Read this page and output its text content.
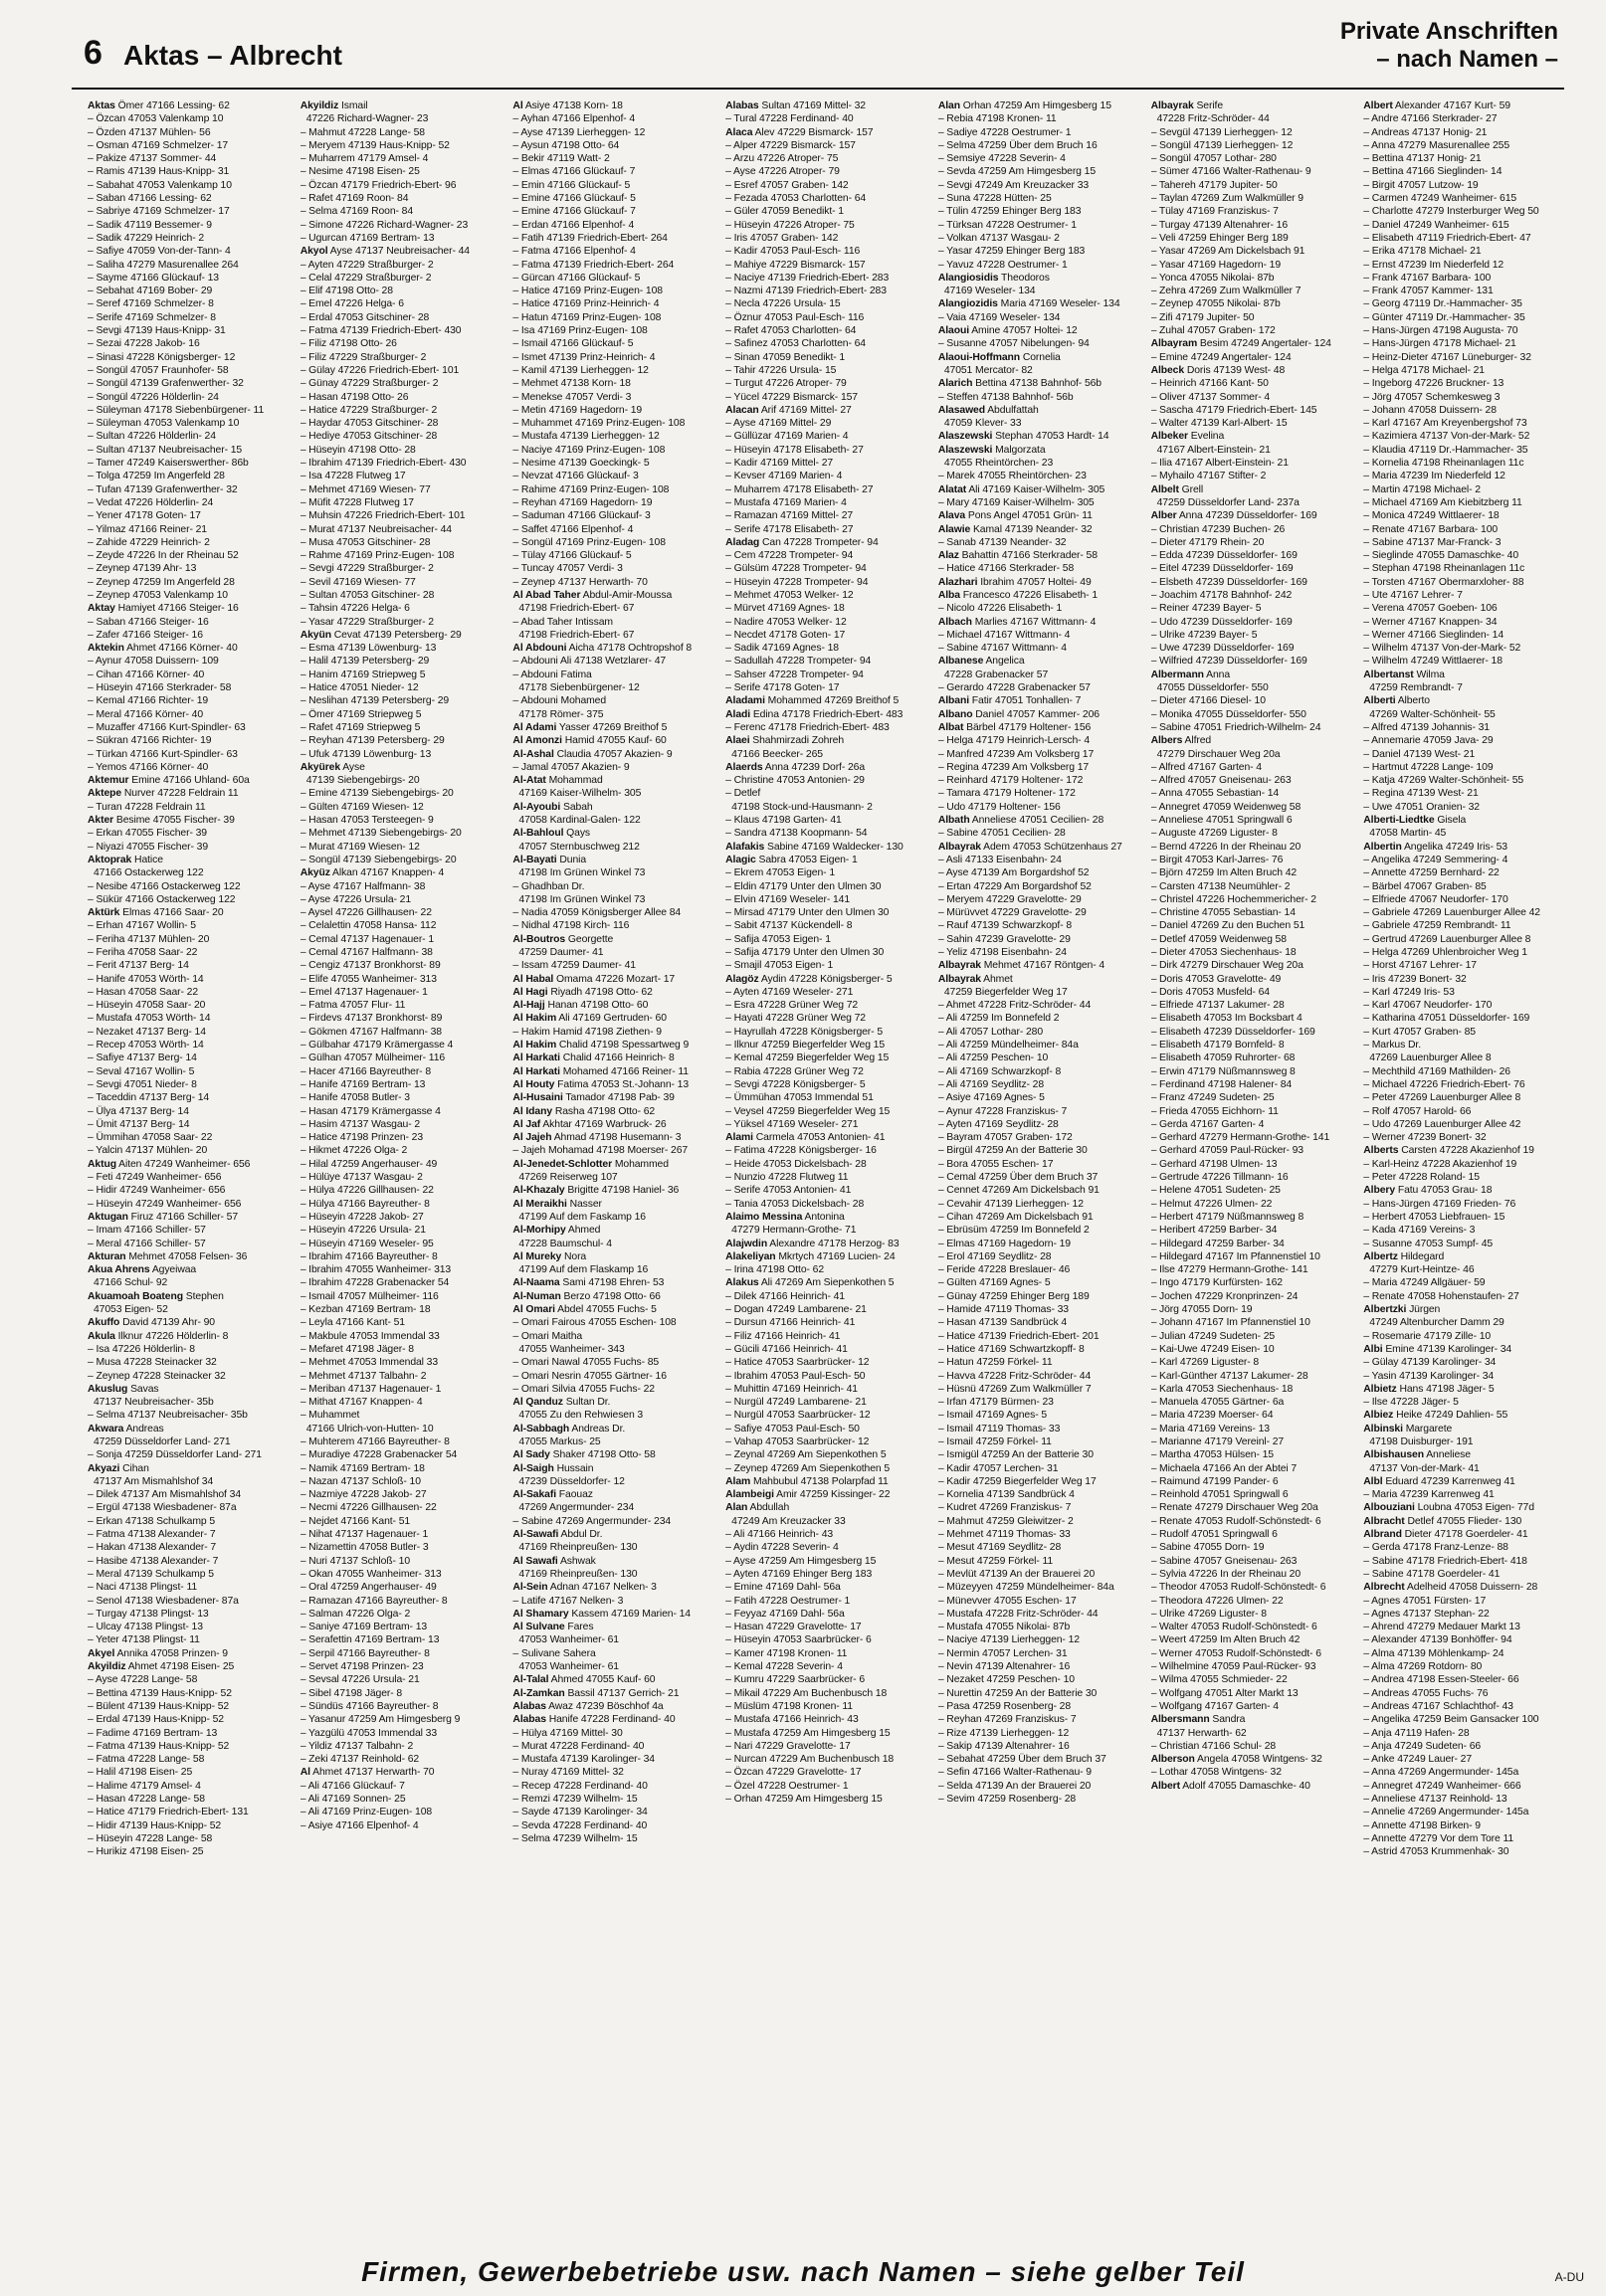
6 Aktas – Albrecht
Private Anschriften
– nach Namen –
Aktas Ömer 47166 Lessing- 62
– Özcan 47053 Valenkamp 10
– Özden 47137 Mühlen- 56
– Osman 47169 Schmelzer- 17
– Pakize 47137 Sommer- 44
– Ramis 47139 Haus-Knipp- 31
– Sabahat 47053 Valenkamp 10
– Saban 47166 Lessing- 62
– Sabriye 47169 Schmelzer- 17
– Sadik 47119 Bessemer- 9
– Sadik 47229 Heinrich- 2
– Safiye 47059 Von-der-Tann- 4
– Saliha 47279 Masurenallee 264
– Sayme 47166 Glückauf- 13
– Sebahat 47169 Bober- 29
– Seref 47169 Schmelzer- 8
– Serife 47169 Schmelzer- 8
– Sevgi 47139 Haus-Knipp- 31
– Sezai 47228 Jakob- 16
– Sinasi 47228 Königsberger- 12
– Songül 47057 Fraunhofer- 58
– Songül 47139 Grafenwerther- 32
– Songül 47226 Hölderlin- 24
– Süleyman 47178 Siebenbürgener- 11
– Süleyman 47053 Valenkamp 10
– Sultan 47226 Hölderlin- 24
– Sultan 47137 Neubreisacher- 15
– Tamer 47249 Kaiserswerther- 86b
– Tolga 47259 Im Angerfeld 28
– Tufan 47139 Grafenwerther- 32
– Vedat 47226 Hölderlin- 24
– Yener 47178 Goten- 17
– Yilmaz 47166 Reiner- 21
– Zahide 47229 Heinrich- 2
– Zeyde 47226 In der Rheinau 52
– Zeynep 47139 Ahr- 13
– Zeynep 47259 Im Angerfeld 28
– Zeynep 47053 Valenkamp 10
Aktay Hamiyet 47166 Steiger- 16
– Saban 47166 Steiger- 16
– Zafer 47166 Steiger- 16
Aktekin Ahmet 47166 Körner- 40
– Aynur 47058 Duissern- 109
– Cihan 47166 Körner- 40
– Hüseyin 47166 Sterkrader- 58
– Kemal 47166 Richter- 19
– Meral 47166 Körner- 40
– Muzaffer 47166 Kurt-Spindler- 63
– Sükran 47166 Richter- 19
– Türkan 47166 Kurt-Spindler- 63
– Yemos 47166 Körner- 40
Aktemur Emine 47166 Uhland- 60a
Aktepe Nurver 47228 Feldrain 11
– Turan 47228 Feldrain 11
Akter Besime 47055 Fischer- 39
– Erkan 47055 Fischer- 39
– Niyazi 47055 Fischer- 39
Aktoprak Hatice
47166 Ostackerweg 122
– Nesibe 47166 Ostackerweg 122
– Sükür 47166 Ostackerweg 122
Aktürk Elmas 47166 Saar- 20
– Erhan 47167 Wollin- 5
– Feriha 47137 Mühlen- 20
– Feriha 47058 Saar- 22
– Ferit 47137 Berg- 14
– Hanife 47053 Wörth- 14
– Hasan 47058 Saar- 22
– Hüseyin 47058 Saar- 20
– Mustafa 47053 Wörth- 14
– Nezaket 47137 Berg- 14
– Recep 47053 Wörth- 14
– Safiye 47137 Berg- 14
– Seval 47167 Wollin- 5
– Sevgi 47051 Nieder- 8
– Taceddin 47137 Berg- 14
– Ülya 47137 Berg- 14
– Ümit 47137 Berg- 14
– Ümmihan 47058 Saar- 22
– Yalcin 47137 Mühlen- 20
Aktug Aiten 47249 Wanheimer- 656
– Feti 47249 Wanheimer- 656
– Hidir 47249 Wanheimer- 656
– Hüseyin 47249 Wanheimer- 656
Aktugan Firuz 47166 Schiller- 57
– Imam 47166 Schiller- 57
– Meral 47166 Schiller- 57
Akturan Mehmet 47058 Felsen- 36
Akua Ahrens Agyeiwaa
47166 Schul- 92
Akuamoah Boateng Stephen
47053 Eigen- 52
Akuffo David 47139 Ahr- 90
Akula Ilknur 47226 Hölderlin- 8
– Isa 47226 Hölderlin- 8
– Musa 47228 Steinacker 32
– Zeynep 47228 Steinacker 32
Akuslug Savas
47137 Neubreisacher- 35b
– Selma 47137 Neubreisacher- 35b
Akwara Andreas
47259 Düsseldorfer Land- 271
– Sonja 47259 Düsseldorfer Land- 271
Akyazi Cihan
47137 Am Mismahlshof 34
– Dilek 47137 Am Mismahlshof 34
– Ergül 47138 Wiesbadener- 87a
– Erkan 47138 Schulkamp 5
– Fatma 47138 Alexander- 7
– Hakan 47138 Alexander- 7
– Hasibe 47138 Alexander- 7
– Meral 47139 Schulkamp 5
– Naci 47138 Plingst- 11
– Senol 47138 Wiesbadener- 87a
– Turgay 47138 Plingst- 13
– Ulcay 47138 Plingst- 13
– Yeter 47138 Plingst- 11
Akyel Annika 47058 Prinzen- 9
Akyildiz Ahmet 47198 Eisen- 25
– Ayse 47228 Lange- 58
– Bettina 47139 Haus-Knipp- 52
– Bülent 47139 Haus-Knipp- 52
– Erdal 47139 Haus-Knipp- 52
– Fadime 47169 Bertram- 13
– Fatma 47139 Haus-Knipp- 52
– Fatma 47228 Lange- 58
– Halil 47198 Eisen- 25
– Halime 47179 Amsel- 4
– Hasan 47228 Lange- 58
– Hatice 47179 Friedrich-Ebert- 131
– Hidir 47139 Haus-Knipp- 52
– Hüseyin 47228 Lange- 58
– Hurikiz 47198 Eisen- 25
Akyildiz Ismail
47226 Richard-Wagner- 23
– Mahmut 47228 Lange- 58
– Meryem 47139 Haus-Knipp- 52
– Muharrem 47179 Amsel- 4
– Nesime 47198 Eisen- 25
– Özcan 47179 Friedrich-Ebert- 96
– Rafet 47169 Roon- 84
– Selma 47169 Roon- 84
– Simone 47226 Richard-Wagner- 23
– Ugurcan 47169 Bertram- 13
Akyol Ayse 47137 Neubreisacher- 44
– Ayten 47229 Straßburger- 2
– Celal 47229 Straßburger- 2
– Elif 47198 Otto- 28
– Emel 47226 Helga- 6
– Erdal 47053 Gitschiner- 28
– Fatma 47139 Friedrich-Ebert- 430
– Filiz 47198 Otto- 26
– Filiz 47229 Straßburger- 2
– Gülay 47226 Friedrich-Ebert- 101
– Günay 47229 Straßburger- 2
– Hasan 47198 Otto- 26
– Hatice 47229 Straßburger- 2
– Haydar 47053 Gitschiner- 28
– Hediye 47053 Gitschiner- 28
– Hüseyin 47198 Otto- 28
– Ibrahim 47139 Friedrich-Ebert- 430
– Isa 47228 Flutweg 17
– Mehmet 47169 Wiesen- 77
– Müfit 47228 Flutweg 17
– Muhsin 47226 Friedrich-Ebert- 101
– Murat 47137 Neubreisacher- 44
– Musa 47053 Gitschiner- 28
– Rahme 47169 Prinz-Eugen- 108
– Sevgi 47229 Straßburger- 2
– Sevil 47169 Wiesen- 77
– Sultan 47053 Gitschiner- 28
– Tahsin 47226 Helga- 6
– Yasar 47229 Straßburger- 2
Akyün Cevat 47139 Petersberg- 29
– Esma 47139 Löwenburg- 13
– Halil 47139 Petersberg- 29
– Hanim 47169 Striepweg 5
– Hatice 47051 Nieder- 12
– Neslihan 47139 Petersberg- 29
– Ömer 47169 Striepweg 5
– Rafet 47169 Striepweg 5
– Reyhan 47139 Petersberg- 29
– Ufuk 47139 Löwenburg- 13
Akyürek Ayse
47139 Siebengebirgs- 20
– Emine 47139 Siebengebirgs- 20
– Gülten 47169 Wiesen- 12
– Hasan 47053 Tersteegen- 9
– Mehmet 47139 Siebengebirgs- 20
– Murat 47169 Wiesen- 12
– Songül 47139 Siebengebirgs- 20
Akyüz Alkan 47167 Knappen- 4
– Ayse 47167 Halfmann- 38
– Ayse 47226 Ursula- 21
– Aysel 47226 Gillhausen- 22
– Celalettin 47058 Hansa- 112
– Cemal 47137 Hagenauer- 1
– Cemal 47167 Halfmann- 38
– Cengiz 47137 Bronkhorst- 89
– Elife 47055 Wanheimer- 313
– Emel 47137 Hagenauer- 1
– Fatma 47057 Flur- 11
– Firdevs 47137 Bronkhorst- 89
– Gökmen 47167 Halfmann- 38
– Gülbahar 47179 Krämergasse 4
– Gülhan 47057 Mülheimer- 116
– Hacer 47166 Bayreuther- 8
– Hanife 47169 Bertram- 13
– Hanife 47058 Butler- 3
– Hasan 47179 Krämergasse 4
– Hasim 47137 Wasgau- 2
– Hatice 47198 Prinzen- 23
– Hikmet 47226 Olga- 2
– Hilal 47259 Angerhauser- 49
– Hülüye 47137 Wasgau- 2
– Hülya 47226 Gillhausen- 22
– Hülya 47166 Bayreuther- 8
– Hüseyin 47228 Jakob- 27
– Hüseyin 47226 Ursula- 21
– Hüseyin 47169 Weseler- 95
– Ibrahim 47166 Bayreuther- 8
– Ibrahim 47055 Wanheimer- 313
– Ibrahim 47228 Grabenacker 54
– Ismail 47057 Mülheimer- 116
– Kezban 47169 Bertram- 18
– Leyla 47166 Kant- 51
– Makbule 47053 Immendal 33
– Mefaret 47198 Jäger- 8
– Mehmet 47053 Immendal 33
– Mehmet 47137 Talbahn- 2
– Meriban 47137 Hagenauer- 1
– Mithat 47167 Knappen- 4
– Muhammet
47166 Ulrich-von-Hutten- 10
– Muhterem 47166 Bayreuther- 8
– Muradiye 47228 Grabenacker 54
– Namik 47169 Bertram- 18
– Nazan 47137 Schloß- 10
– Nazmiye 47228 Jakob- 27
– Necmi 47226 Gillhausen- 22
– Nejdet 47166 Kant- 51
– Nihat 47137 Hagenauer- 1
– Nizamettin 47058 Butler- 3
– Nuri 47137 Schloß- 10
– Okan 47055 Wanheimer- 313
– Oral 47259 Angerhauser- 49
– Ramazan 47166 Bayreuther- 8
– Salman 47226 Olga- 2
– Saniye 47169 Bertram- 13
– Serafettin 47169 Bertram- 13
– Serpil 47166 Bayreuther- 8
– Servet 47198 Prinzen- 23
– Sevsal 47226 Ursula- 21
– Sibel 47198 Jäger- 8
– Sündüs 47166 Bayreuther- 8
– Yasanur 47259 Am Himgesberg 9
– Yazgülü 47053 Immendal 33
– Yildiz 47137 Talbahn- 2
– Zeki 47137 Reinhold- 62
Al Ahmet 47137 Herwarth- 70
– Ali 47166 Glückauf- 7
– Ali 47169 Sonnen- 25
– Ali 47169 Prinz-Eugen- 108
– Asiye 47166 Elpenhof- 4
Al Asiye 47138 Korn- 18
– Ayhan 47166 Elpenhof- 4
– Ayse 47139 Lierheggen- 12
– Aysun 47198 Otto- 64
– Bekir 47119 Watt- 2
– Elmas 47166 Glückauf- 7
– Emin 47166 Glückauf- 5
– Emine 47166 Glückauf- 5
– Emine 47166 Glückauf- 7
– Erdan 47166 Elpenhof- 4
– Fatih 47139 Friedrich-Ebert- 264
– Fatma 47166 Elpenhof- 4
– Fatma 47139 Friedrich-Ebert- 264
– Gürcan 47166 Glückauf- 5
– Hatice 47169 Prinz-Eugen- 108
– Hatice 47169 Prinz-Heinrich- 4
– Hatun 47169 Prinz-Eugen- 108
– Isa 47169 Prinz-Eugen- 108
– Ismail 47166 Glückauf- 5
– Ismet 47139 Prinz-Heinrich- 4
– Kamil 47139 Lierheggen- 12
– Mehmet 47138 Korn- 18
– Menekse 47057 Verdi- 3
– Metin 47169 Hagedorn- 19
– Muhammet 47169 Prinz-Eugen- 108
– Mustafa 47139 Lierheggen- 12
– Naciye 47169 Prinz-Eugen- 108
– Nesime 47139 Goeckingk- 5
– Nevzat 47166 Glückauf- 3
– Rahime 47169 Prinz-Eugen- 108
– Reyhan 47169 Hagedorn- 19
– Saduman 47166 Glückauf- 3
– Saffet 47166 Elpenhof- 4
– Songül 47169 Prinz-Eugen- 108
– Tülay 47166 Glückauf- 5
– Tuncay 47057 Verdi- 3
– Zeynep 47137 Herwarth- 70
Al Abad Taher Abdul-Amir-Moussa
47198 Friedrich-Ebert- 67
– Abad Taher Intissam
47198 Friedrich-Ebert- 67
Al Abdouni Aicha 47178 Ochtropshof 8
– Abdouni Ali 47138 Wetzlarer- 47
– Abdouni Fatima
47178 Siebenbürgener- 12
– Abdouni Mohamed
47178 Römer- 375
Al Adami Yasser 47269 Breithof 5
Al Amonzi Hamid 47055 Kauf- 60
Al-Ashal Claudia 47057 Akazien- 9
– Jamal 47057 Akazien- 9
Al-Atat Mohammad
47169 Kaiser-Wilhelm- 305
Al-Ayoubi Sabah
47058 Kardinal-Galen- 122
Al-Bahloul Qays
47057 Sternbuschweg 212
Al-Bayati Dunia
47198 Im Grünen Winkel 73
– Ghadhban Dr.
47198 Im Grünen Winkel 73
– Nadia 47059 Königsberger Allee 84
– Nidhal 47198 Kirch- 116
Al-Boutros Georgette
47259 Daumer- 41
– Issam 47259 Daumer- 41
Al Habal Omama 47226 Mozart- 17
Al Hagi Riyadh 47198 Otto- 62
Al-Hajj Hanan 47198 Otto- 60
Al Hakim Ali 47169 Gertruden- 60
– Hakim Hamid 47198 Ziethen- 9
Al Hakim Chalid 47198 Spessartweg 9
Al Harkati Chalid 47166 Heinrich- 8
Al Harkati Mohamed 47166 Reiner- 11
Al Houty Fatima 47053 St.-Johann- 13
Al-Husaini Tamador 47198 Pab- 39
Al Idany Rasha 47198 Otto- 62
Al Jaf Akhtar 47169 Warbruck- 26
Al Jajeh Ahmad 47198 Husemann- 3
– Jajeh Mohamad 47198 Moerser- 267
Al-Jenedet-Schlotter Mohammed
47269 Reiserweg 107
Al-Khazaly Brigitte 47198 Haniel- 36
Al Meraikhi Nasser
47199 Auf dem Faskamp 16
Al-Morhipy Ahmed
47228 Baumschul- 4
Al Mureky Nora
47199 Auf dem Flaskamp 16
Al-Naama Sami 47198 Ehren- 53
Al-Numan Berzo 47198 Otto- 66
Al Omari Abdel 47055 Fuchs- 5
– Omari Fairous 47055 Eschen- 108
– Omari Maitha
47055 Wanheimer- 343
– Omari Nawal 47055 Fuchs- 85
– Omari Nesrin 47055 Gärtner- 16
– Omari Silvia 47055 Fuchs- 22
Al Qanduz Sultan Dr.
47055 Zu den Rehwiesen 3
Al-Sabbagh Andreas Dr.
47055 Markus- 25
Al Sady Shaker 47198 Otto- 58
Al-Saigh Hussain
47239 Düsseldorfer- 12
Al-Sakafi Faouaz
47269 Angermunder- 234
– Sabine 47269 Angermunder- 234
Al-Sawafi Abdul Dr.
47169 Rheinpreußen- 130
Al Sawafi Ashwak
47169 Rheinpreußen- 130
Al-Sein Adnan 47167 Nelken- 3
– Latife 47167 Nelken- 3
Al Shamary Kassem 47169 Marien- 14
Al Sulvane Fares
47053 Wanheimer- 61
– Sulivane Sahera
47053 Wanheimer- 61
Al-Talal Ahmed 47055 Kauf- 60
Al-Zamkan Bassil 47137 Gerrich- 21
Alabas Awaz 47239 Böschhof 4a
Alabas Hanife 47228 Ferdinand- 40
– Hülya 47169 Mittel- 30
– Murat 47228 Ferdinand- 40
– Mustafa 47139 Karolinger- 34
– Nuray 47169 Mittel- 32
– Recep 47228 Ferdinand- 40
– Remzi 47239 Wilhelm- 15
– Sayde 47139 Karolinger- 34
– Sevda 47228 Ferdinand- 40
– Selma 47239 Wilhelm- 15
Alabas Sultan 47169 Mittel- 32
– Tural 47228 Ferdinand- 40
Alaca Alev 47229 Bismarck- 157
– Alper 47229 Bismarck- 157
– Arzu 47226 Atroper- 75
– Ayse 47226 Atroper- 79
– Esref 47057 Graben- 142
– Fezada 47053 Charlotten- 64
– Güler 47059 Benedikt- 1
– Hüseyin 47226 Atroper- 75
– Iris 47057 Graben- 142
– Kadir 47053 Paul-Esch- 116
– Mahiye 47229 Bismarck- 157
– Naciye 47139 Friedrich-Ebert- 283
– Nazmi 47139 Friedrich-Ebert- 283
– Necla 47226 Ursula- 15
– Öznur 47053 Paul-Esch- 116
– Rafet 47053 Charlotten- 64
– Safinez 47053 Charlotten- 64
– Sinan 47059 Benedikt- 1
– Tahir 47226 Ursula- 15
– Turgut 47226 Atroper- 79
– Yücel 47229 Bismarck- 157
Alacan Arif 47169 Mittel- 27
– Ayse 47169 Mittel- 29
– Güllüzar 47169 Marien- 4
– Hüseyin 47178 Elisabeth- 27
– Kadir 47169 Mittel- 27
– Kevser 47169 Marien- 4
– Muharrem 47178 Elisabeth- 27
– Mustafa 47169 Marien- 4
– Ramazan 47169 Mittel- 27
– Serife 47178 Elisabeth- 27
Aladag Can 47228 Trompeter- 94
– Cem 47228 Trompeter- 94
– Gülsüm 47228 Trompeter- 94
– Hüseyin 47228 Trompeter- 94
– Mehmet 47053 Welker- 12
– Mürvet 47169 Agnes- 18
– Nadire 47053 Welker- 12
– Necdet 47178 Goten- 17
– Sadik 47169 Agnes- 18
– Sadullah 47228 Trompeter- 94
– Sahser 47228 Trompeter- 94
– Serife 47178 Goten- 17
Aladami Mohammed 47269 Breithof 5
Aladi Edina 47178 Friedrich-Ebert- 483
– Ferenc 47178 Friedrich-Ebert- 483
Alaei Shahmirzadi Zohreh
47166 Beecker- 265
Alaerds Anna 47239 Dorf- 26a
– Christine 47053 Antonien- 29
– Detlef
47198 Stock-und-Hausmann- 2
– Klaus 47198 Garten- 41
– Sandra 47138 Koopmann- 54
Alafakis Sabine 47169 Waldecker- 130
Alagic Sabra 47053 Eigen- 1
– Ekrem 47053 Eigen- 1
– Eldin 47179 Unter den Ulmen 30
– Elvin 47169 Weseler- 141
– Mirsad 47179 Unter den Ulmen 30
– Sabit 47137 Kückendell- 8
– Safija 47053 Eigen- 1
– Safija 47179 Unter den Ulmen 30
– Smajil 47053 Eigen- 1
Alagöz Aydin 47228 Königsberger- 5
– Ayten 47169 Weseler- 271
– Esra 47228 Grüner Weg 72
– Hayati 47228 Grüner Weg 72
– Hayrullah 47228 Königsberger- 5
– Ilknur 47259 Biegerfelder Weg 15
– Kemal 47259 Biegerfelder Weg 15
– Rabia 47228 Grüner Weg 72
– Sevgi 47228 Königsberger- 5
– Ümmühan 47053 Immendal 51
– Veysel 47259 Biegerfelder Weg 15
– Yüksel 47169 Weseler- 271
Alami Carmela 47053 Antonien- 41
– Fatima 47228 Königsberger- 16
– Heide 47053 Dickelsbach- 28
– Nunzio 47228 Flutweg 11
– Serife 47053 Antonien- 41
– Tania 47053 Dickelsbach- 28
Alaimo Messina Antonina
47279 Hermann-Grothe- 71
Alajwdin Alexandre 47178 Herzog- 83
Alakeliyan Mkrtych 47169 Lucien- 24
– Irina 47198 Otto- 62
Alakus Ali 47269 Am Siepenkothen 5
– Dilek 47166 Heinrich- 41
– Dogan 47249 Lambarene- 21
– Dursun 47166 Heinrich- 41
– Filiz 47166 Heinrich- 41
– Gücili 47166 Heinrich- 41
– Hatice 47053 Saarbrücker- 12
– Ibrahim 47053 Paul-Esch- 50
– Muhittin 47169 Heinrich- 41
– Nurgül 47249 Lambarene- 21
– Nurgül 47053 Saarbrücker- 12
– Safiye 47053 Paul-Esch- 50
– Vahap 47053 Saarbrücker- 12
– Zeynal 47269 Am Siepenkothen 5
– Zeynep 47269 Am Siepenkothen 5
Alam Mahbubul 47138 Polarpfad 11
Alambeigi Amir 47259 Kissinger- 22
Alan Abdullah
47249 Am Kreuzacker 33
– Ali 47166 Heinrich- 43
– Aydin 47228 Severin- 4
– Ayse 47259 Am Himgesberg 15
– Ayten 47169 Ehinger Berg 183
– Emine 47169 Dahl- 56a
– Fatih 47228 Oestrumer- 1
– Feyyaz 47169 Dahl- 56a
– Hasan 47229 Gravelotte- 17
– Hüseyin 47053 Saarbrücker- 6
– Kamer 47198 Kronen- 11
– Kemal 47228 Severin- 4
– Kumru 47229 Saarbrücker- 6
– Mikail 47229 Am Buchenbusch 18
– Müslüm 47198 Kronen- 11
– Mustafa 47166 Heinrich- 43
– Mustafa 47259 Am Himgesberg 15
– Nari 47229 Gravelotte- 17
– Nurcan 47229 Am Buchenbusch 18
– Özcan 47229 Gravelotte- 17
– Özel 47228 Oestrumer- 1
– Orhan 47259 Am Himgesberg 15
Alan Orhan 47259 Am Himgesberg 15
– Rebia 47198 Kronen- 11
– Sadiye 47228 Oestrumer- 1
– Selma 47259 Über dem Bruch 16
– Semsiye 47228 Severin- 4
– Sevda 47259 Am Himgesberg 15
– Sevgi 47249 Am Kreuzacker 33
– Suna 47228 Hütten- 25
– Tülin 47259 Ehinger Berg 183
– Türksan 47228 Oestrumer- 1
– Volkan 47137 Wasgau- 2
– Yasar 47259 Ehinger Berg 183
– Yavuz 47228 Oestrumer- 1
Alangiosidis Theodoros
47169 Weseler- 134
Alangiozidis Maria 47169 Weseler- 134
– Vaia 47169 Weseler- 134
Alaoui Amine 47057 Holtei- 12
– Susanne 47057 Nibelungen- 94
Alaoui-Hoffmann Cornelia
47051 Mercator- 82
Alarich Bettina 47138 Bahnhof- 56b
– Steffen 47138 Bahnhof- 56b
Alasawed Abdulfattah
47059 Klever- 33
Alaszewski Stephan 47053 Hardt- 14
Alaszewski Malgorzata
47055 Rheintörchen- 23
– Marek 47055 Rheintörchen- 23
Alatat Ali 47169 Kaiser-Wilhelm- 305
– Mary 47169 Kaiser-Wilhelm- 305
Alava Pons Angel 47051 Grün- 11
Alawie Kamal 47139 Neander- 32
– Sanab 47139 Neander- 32
Alaz Bahattin 47166 Sterkrader- 58
– Hatice 47166 Sterkrader- 58
Alazhari Ibrahim 47057 Holtei- 49
Alba Francesco 47226 Elisabeth- 1
– Nicolo 47226 Elisabeth- 1
Albach Marlies 47167 Wittmann- 4
– Michael 47167 Wittmann- 4
– Sabine 47167 Wittmann- 4
Albanese Angelica
47228 Grabenacker 57
– Gerardo 47228 Grabenacker 57
Albani Fatir 47051 Tonhallen- 7
Albano Daniel 47057 Kammer- 206
Albat Bärbel 47179 Holtener- 156
– Helga 47179 Heinrich-Lersch- 4
– Manfred 47239 Am Volksberg 17
– Regina 47239 Am Volksberg 17
– Reinhard 47179 Holtener- 172
– Tamara 47179 Holtener- 172
– Udo 47179 Holtener- 156
Albath Anneliese 47051 Cecilien- 28
– Sabine 47051 Cecilien- 28
Albayrak Adem 47053 Schützenhaus 27
– Asli 47133 Eisenbahn- 24
– Ayse 47139 Am Borgardshof 52
– Ertan 47229 Am Borgardshof 52
– Meryem 47229 Gravelotte- 29
– Mürüvvet 47229 Gravelotte- 29
– Rauf 47139 Schwarzkopf- 8
– Sahin 47239 Gravelotte- 29
– Yeliz 47198 Eisenbahn- 24
Albayrak Mehmet 47167 Röntgen- 4
Albayrak Ahmet
47259 Biegerfelder Weg 17
– Ahmet 47228 Fritz-Schröder- 44
– Ali 47259 Im Bonnefeld 2
– Ali 47057 Lothar- 280
– Ali 47259 Mündelheimer- 84a
– Ali 47259 Peschen- 10
– Ali 47169 Schwarzkopf- 8
– Ali 47169 Seydlitz- 28
– Asiye 47169 Agnes- 5
– Aynur 47228 Franziskus- 7
– Ayten 47169 Seydlitz- 28
– Bayram 47057 Graben- 172
– Birgül 47259 An der Batterie 30
– Bora 47055 Eschen- 17
– Cemal 47259 Über dem Bruch 37
– Cennet 47269 Am Dickelsbach 91
– Cevahir 47139 Lierheggen- 12
– Cihan 47269 Am Dickelsbach 91
– Ebrüsüm 47259 Im Bonnefeld 2
– Elmas 47169 Hagedorn- 19
– Erol 47169 Seydlitz- 28
– Feride 47228 Breslauer- 46
– Gülten 47169 Agnes- 5
– Günay 47259 Ehinger Berg 189
– Hamide 47119 Thomas- 33
– Hasan 47139 Sandbrück 4
– Hatice 47139 Friedrich-Ebert- 201
– Hatice 47169 Schwartzkopff- 8
– Hatun 47259 Förkel- 11
– Havva 47228 Fritz-Schröder- 44
– Hüsnü 47269 Zum Walkmüller 7
– Irfan 47179 Bürmen- 23
– Ismail 47169 Agnes- 5
– Ismail 47119 Thomas- 33
– Ismail 47259 Förkel- 11
– Ismigül 47259 An der Batterie 30
– Kadir 47057 Lerchen- 31
– Kadir 47259 Biegerfelder Weg 17
– Kornelia 47139 Sandbrück 4
– Kudret 47269 Franziskus- 7
– Mahmut 47259 Gleiwitzer- 2
– Mehmet 47119 Thomas- 33
– Mesut 47169 Seydlitz- 28
– Mesut 47259 Förkel- 11
– Mevlüt 47139 An der Brauerei 20
– Müzeyyen 47259 Mündelheimer- 84a
– Münevver 47055 Eschen- 17
– Mustafa 47228 Fritz-Schröder- 44
– Mustafa 47055 Nikolai- 87b
– Naciye 47139 Lierheggen- 12
– Nermin 47057 Lerchen- 31
– Nevin 47139 Altenahrer- 16
– Nezaket 47259 Peschen- 10
– Nurettin 47259 An der Batterie 30
– Pasa 47259 Rosenberg- 28
– Reyhan 47269 Franziskus- 7
– Rize 47139 Lierheggen- 12
– Sakip 47139 Altenahrer- 16
– Sebahat 47259 Über dem Bruch 37
– Sefin 47166 Walter-Rathenau- 9
– Selda 47139 An der Brauerei 20
– Sevim 47259 Rosenberg- 28
Albayrak Serife
47228 Fritz-Schröder- 44
– Sevgül 47139 Lierheggen- 12
– Songül 47139 Lierheggen- 12
– Songül 47057 Lothar- 280
– Sümer 47166 Walter-Rathenau- 9
– Tahereh 47179 Jupiter- 50
– Taylan 47269 Zum Walkmüller 9
– Tülay 47169 Franziskus- 7
– Turgay 47139 Altenahrer- 16
– Veli 47259 Ehinger Berg 189
– Yasar 47269 Am Dickelsbach 91
– Yasar 47169 Hagedorn- 19
– Yonca 47055 Nikolai- 87b
– Zehra 47269 Zum Walkmüller 7
– Zeynep 47055 Nikolai- 87b
– Zifi 47179 Jupiter- 50
– Zuhal 47057 Graben- 172
Albayram Besim 47249 Angertaler- 124
– Emine 47249 Angertaler- 124
Albeck Doris 47139 West- 48
– Heinrich 47166 Kant- 50
– Oliver 47137 Sommer- 4
– Sascha 47179 Friedrich-Ebert- 145
– Walter 47139 Karl-Albert- 15
Albeker Evelina
47167 Albert-Einstein- 21
– Ilia 47167 Albert-Einstein- 21
– Myhailo 47167 Stifter- 2
Albelt Grell
47259 Düsseldorfer Land- 237a
Alber Anna 47239 Düsseldorfer- 169
– Christian 47239 Buchen- 26
– Dieter 47179 Rhein- 20
– Edda 47239 Düsseldorfer- 169
– Eitel 47239 Düsseldorfer- 169
– Elsbeth 47239 Düsseldorfer- 169
– Joachim 47178 Bahnhof- 242
– Reiner 47239 Bayer- 5
– Udo 47239 Düsseldorfer- 169
– Ulrike 47239 Bayer- 5
– Uwe 47239 Düsseldorfer- 169
– Wilfried 47239 Düsseldorfer- 169
Albermann Anna
47055 Düsseldorfer- 550
– Dieter 47166 Diesel- 10
– Monika 47055 Düsseldorfer- 550
– Sabine 47051 Friedrich-Wilhelm- 24
Albers Alfred
47279 Dirschauer Weg 20a
– Alfred 47167 Garten- 4
– Alfred 47057 Gneisenau- 263
– Anna 47055 Sebastian- 14
– Annegret 47059 Weidenweg 58
– Anneliese 47051 Springwall 6
– Auguste 47269 Liguster- 8
– Bernd 47226 In der Rheinau 20
– Birgit 47053 Karl-Jarres- 76
– Björn 47259 Im Alten Bruch 42
– Carsten 47138 Neumühler- 2
– Christel 47226 Hochemmericher- 2
– Christine 47055 Sebastian- 14
– Daniel 47269 Zu den Buchen 51
– Detlef 47059 Weidenweg 58
– Dieter 47053 Siechenhaus- 18
– Dirk 47279 Dirschauer Weg 20a
– Doris 47053 Gravelotte- 49
– Doris 47053 Musfeld- 64
– Elfriede 47137 Lakumer- 28
– Elisabeth 47053 Im Bocksbart 4
– Elisabeth 47239 Düsseldorfer- 169
– Elisabeth 47179 Bornfeld- 8
– Elisabeth 47059 Ruhrorter- 68
– Erwin 47179 Nüßmannsweg 8
– Ferdinand 47198 Halener- 84
– Franz 47249 Sudeten- 25
– Frieda 47055 Eichhorn- 11
– Gerda 47167 Garten- 4
– Gerhard 47279 Hermann-Grothe- 141
– Gerhard 47059 Paul-Rücker- 93
– Gerhard 47198 Ulmen- 13
– Gertrude 47226 Tillmann- 16
– Helene 47051 Sudeten- 25
– Helmut 47226 Ulmen- 22
– Herbert 47179 Nüßmannsweg 8
– Heribert 47259 Barber- 34
– Hildegard 47259 Barber- 34
– Hildegard 47167 Im Pfannenstiel 10
– Ilse 47279 Hermann-Grothe- 141
– Ingo 47179 Kurfürsten- 162
– Jochen 47229 Kronprinzen- 24
– Jörg 47055 Dorn- 19
– Johann 47167 Im Pfannenstiel 10
– Julian 47249 Sudeten- 25
– Kai-Uwe 47249 Eisen- 10
– Karl 47269 Liguster- 8
– Karl-Günther 47137 Lakumer- 28
– Karla 47053 Siechenhaus- 18
– Manuela 47055 Gärtner- 6a
– Maria 47239 Moerser- 64
– Maria 47169 Vereins- 13
– Marianne 47179 Vereinl- 27
– Martha 47053 Hülsen- 15
– Michaela 47166 An der Abtei 7
– Raimund 47199 Pander- 6
– Reinhold 47051 Springwall 6
– Renate 47279 Dirschauer Weg 20a
– Renate 47053 Rudolf-Schönstedt- 6
– Rudolf 47051 Springwall 6
– Sabine 47055 Dorn- 19
– Sabine 47057 Gneisenau- 263
– Sylvia 47226 In der Rheinau 20
– Theodor 47053 Rudolf-Schönstedt- 6
– Theodora 47226 Ulmen- 22
– Ulrike 47269 Liguster- 8
– Walter 47053 Rudolf-Schönstedt- 6
– Weert 47259 Im Alten Bruch 42
– Werner 47053 Rudolf-Schönstedt- 6
– Wilhelmine 47059 Paul-Rücker- 93
– Wilma 47055 Schmieder- 22
– Wolfgang 47051 Alter Markt 13
– Wolfgang 47167 Garten- 4
Albersmann Sandra
47137 Herwarth- 62
– Christian 47166 Schul- 28
Alberson Angela 47058 Wintgens- 32
– Lothar 47058 Wintgens- 32
Albert Adolf 47055 Damaschke- 40
Albert Alexander 47167 Kurt- 59
– Andre 47166 Sterkrader- 27
– Andreas 47137 Honig- 21
– Anna 47279 Masurenallee 255
– Bettina 47137 Honig- 21
– Bettina 47166 Sieglinden- 14
– Birgit 47057 Lutzow- 19
– Carmen 47249 Wanheimer- 615
– Charlotte 47279 Insterburger Weg 50
– Daniel 47249 Wanheimer- 615
– Elisabeth 47119 Friedrich-Ebert- 47
– Erika 47178 Michael- 21
– Ernst 47239 Im Niederfeld 12
– Frank 47167 Barbara- 100
– Frank 47057 Kammer- 131
– Georg 47119 Dr.-Hammacher- 35
– Günter 47119 Dr.-Hammacher- 35
– Hans-Jürgen 47198 Augusta- 70
– Hans-Jürgen 47178 Michael- 21
– Heinz-Dieter 47167 Lüneburger- 32
– Helga 47178 Michael- 21
– Ingeborg 47226 Bruckner- 13
– Jörg 47057 Schemkesweg 3
– Johann 47058 Duissern- 28
– Karl 47167 Am Kreyenbergshof 73
– Kazimiera 47137 Von-der-Mark- 52
– Klaudia 47119 Dr.-Hammacher- 35
– Kornelia 47198 Rheinanlagen 11c
– Maria 47239 Im Niederfeld 12
– Martin 47198 Michael- 2
– Michael 47169 Am Kiebitzberg 11
– Monica 47249 Wittlaerer- 18
– Renate 47167 Barbara- 100
– Sabine 47137 Mar-Franck- 3
– Sieglinde 47055 Damaschke- 40
– Stephan 47198 Rheinanlagen 11c
– Torsten 47167 Obermarxloher- 88
– Ute 47167 Lehrer- 7
– Verena 47057 Goeben- 106
– Werner 47167 Knappen- 34
– Werner 47166 Sieglinden- 14
– Wilhelm 47137 Von-der-Mark- 52
– Wilhelm 47249 Wittlaerer- 18
Albertanst Wilma
47259 Rembrandt- 7
Alberti Alberto
47269 Walter-Schönheit- 55
– Alfred 47139 Johannis- 31
– Annemarie 47059 Java- 29
– Daniel 47139 West- 21
– Hartmut 47228 Lange- 109
– Katja 47269 Walter-Schönheit- 55
– Regina 47139 West- 21
– Uwe 47051 Oranien- 32
Alberti-Liedtke Gisela
47058 Martin- 45
Albertin Angelika 47249 Iris- 53
– Angelika 47249 Semmering- 4
– Annette 47259 Bernhard- 22
– Bärbel 47067 Graben- 85
– Elfriede 47067 Neudorfer- 170
– Gabriele 47269 Lauenburger Allee 42
– Gabriele 47259 Rembrandt- 11
– Gertrud 47269 Lauenburger Allee 8
– Helga 47269 Uhlenbroicher Weg 1
– Horst 47167 Lehrer- 17
– Iris 47239 Bonert- 32
– Karl 47249 Iris- 53
– Karl 47067 Neudorfer- 170
– Katharina 47051 Düsseldorfer- 169
– Kurt 47057 Graben- 85
– Markus Dr.
47269 Lauenburger Allee 8
– Mechthild 47169 Mathilden- 26
– Michael 47226 Friedrich-Ebert- 76
– Peter 47269 Lauenburger Allee 8
– Rolf 47057 Harold- 66
– Udo 47269 Lauenburger Allee 42
– Werner 47239 Bonert- 32
Alberts Carsten 47228 Akazienhof 19
– Karl-Heinz 47228 Akazienhof 19
– Peter 47228 Roland- 15
Albery Fatu 47053 Grau- 18
– Hans-Jürgen 47169 Frieden- 76
– Herbert 47053 Liebfrauen- 15
– Kada 47169 Vereins- 3
– Susanne 47053 Sumpf- 45
Albertz Hildegard
47279 Kurt-Heintze- 46
– Maria 47249 Allgäuer- 59
– Renate 47058 Hohenstaufen- 27
Albertzki Jürgen
47249 Altenburcher Damm 29
– Rosemarie 47179 Zille- 10
Albi Emine 47139 Karolinger- 34
– Gülay 47139 Karolinger- 34
– Yasin 47139 Karolinger- 34
Albietz Hans 47198 Jäger- 5
– Ilse 47228 Jäger- 5
Albiez Heike 47249 Dahlien- 55
Albinski Margarete
47198 Duisburger- 191
Albishausen Anneliese
47137 Von-der-Mark- 41
Albl Eduard 47239 Karrenweg 41
– Maria 47239 Karrenweg 41
Albouziani Loubna 47053 Eigen- 77d
Albracht Detlef 47055 Flieder- 130
Albrand Dieter 47178 Goerdeler- 41
– Gerda 47178 Franz-Lenze- 88
– Sabine 47178 Friedrich-Ebert- 418
– Sabine 47178 Goerdeler- 41
Albrecht Adelheid 47058 Duissern- 28
– Agnes 47051 Fürsten- 17
– Agnes 47137 Stephan- 22
– Ahrend 47279 Medauer Markt 13
– Alexander 47139 Bonhöffer- 94
– Alma 47139 Möhlenkamp- 24
– Alma 47269 Rotdorn- 80
– Andrea 47198 Essen-Steeler- 66
– Andreas 47055 Fuchs- 76
– Andreas 47167 Schlachthof- 43
– Angelika 47259 Beim Gansacker 100
– Anja 47119 Hafen- 28
– Anja 47249 Sudeten- 66
– Anke 47249 Lauer- 27
– Anna 47269 Angermunder- 145a
– Annegret 47249 Wanheimer- 666
– Anneliese 47137 Reinhold- 13
– Annelie 47269 Angermunder- 145a
– Annette 47198 Birken- 9
– Annette 47279 Vor dem Tore 11
– Astrid 47053 Krummenhak- 30
Firmen, Gewerbebetriebe usw. nach Namen – siehe gelber Teil	A-DU
